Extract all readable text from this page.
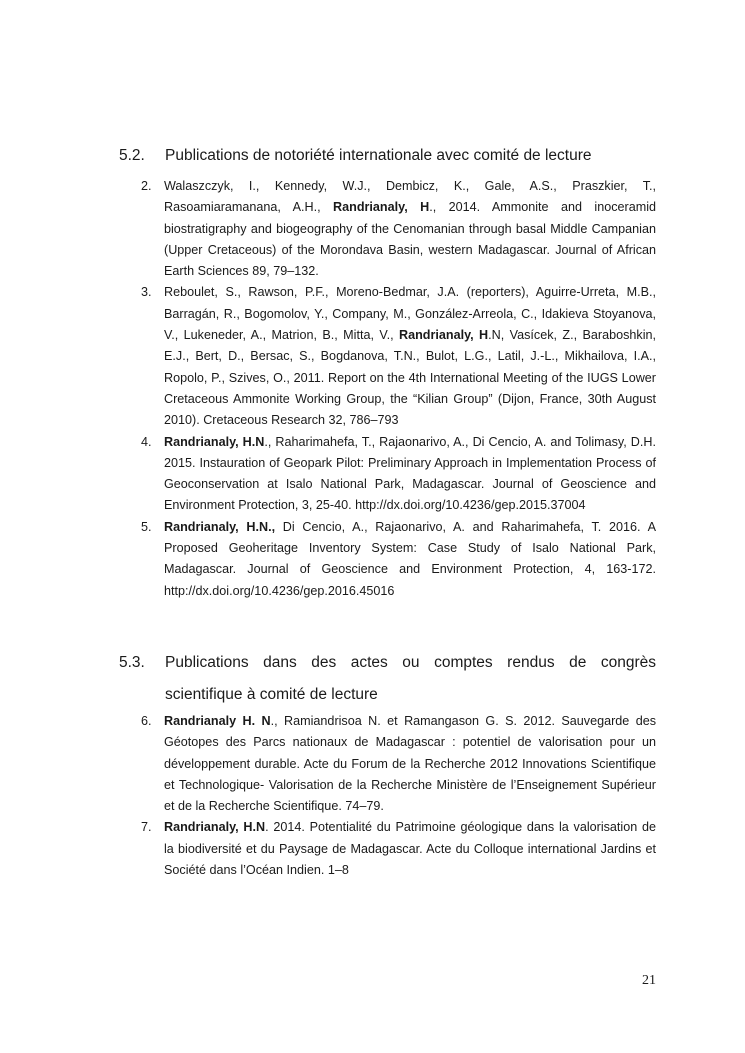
5.2. Publications de notoriété internationale avec comité de lecture
2. Walaszczyk, I., Kennedy, W.J., Dembicz, K., Gale, A.S., Praszkier, T., Rasoamiaramanana, A.H., Randrianaly, H., 2014. Ammonite and inoceramid biostratigraphy and biogeography of the Cenomanian through basal Middle Campanian (Upper Cretaceous) of the Morondava Basin, western Madagascar. Journal of African Earth Sciences 89, 79–132.
3. Reboulet, S., Rawson, P.F., Moreno-Bedmar, J.A. (reporters), Aguirre-Urreta, M.B., Barragán, R., Bogomolov, Y., Company, M., González-Arreola, C., Idakieva Stoyanova, V., Lukeneder, A., Matrion, B., Mitta, V., Randrianaly, H.N, Vasícek, Z., Baraboshkin, E.J., Bert, D., Bersac, S., Bogdanova, T.N., Bulot, L.G., Latil, J.-L., Mikhailova, I.A., Ropolo, P., Szives, O., 2011. Report on the 4th International Meeting of the IUGS Lower Cretaceous Ammonite Working Group, the “Kilian Group” (Dijon, France, 30th August 2010). Cretaceous Research 32, 786–793
4. Randrianaly, H.N., Raharimahefa, T., Rajaonarivo, A., Di Cencio, A. and Tolimasy, D.H. 2015. Instauration of Geopark Pilot: Preliminary Approach in Implementation Process of Geoconservation at Isalo National Park, Madagascar. Journal of Geoscience and Environment Protection, 3, 25-40. http://dx.doi.org/10.4236/gep.2015.37004
5. Randrianaly, H.N., Di Cencio, A., Rajaonarivo, A. and Raharimahefa, T. 2016. A Proposed Geoheritage Inventory System: Case Study of Isalo National Park, Madagascar. Journal of Geoscience and Environment Protection, 4, 163-172. http://dx.doi.org/10.4236/gep.2016.45016
5.3. Publications dans des actes ou comptes rendus de congrès
scientifique à comité de lecture
6. Randrianaly H. N., Ramiandrisoa N. et Ramangason G. S. 2012. Sauvegarde des Géotopes des Parcs nationaux de Madagascar : potentiel de valorisation pour un développement durable. Acte du Forum de la Recherche 2012 Innovations Scientifique et Technologique- Valorisation de la Recherche Ministère de l’Enseignement Supérieur et de la Recherche Scientifique. 74–79.
7. Randrianaly, H.N. 2014. Potentialité du Patrimoine géologique dans la valorisation de la biodiversité et du Paysage de Madagascar. Acte du Colloque international Jardins et Société dans l’Océan Indien. 1–8
21
